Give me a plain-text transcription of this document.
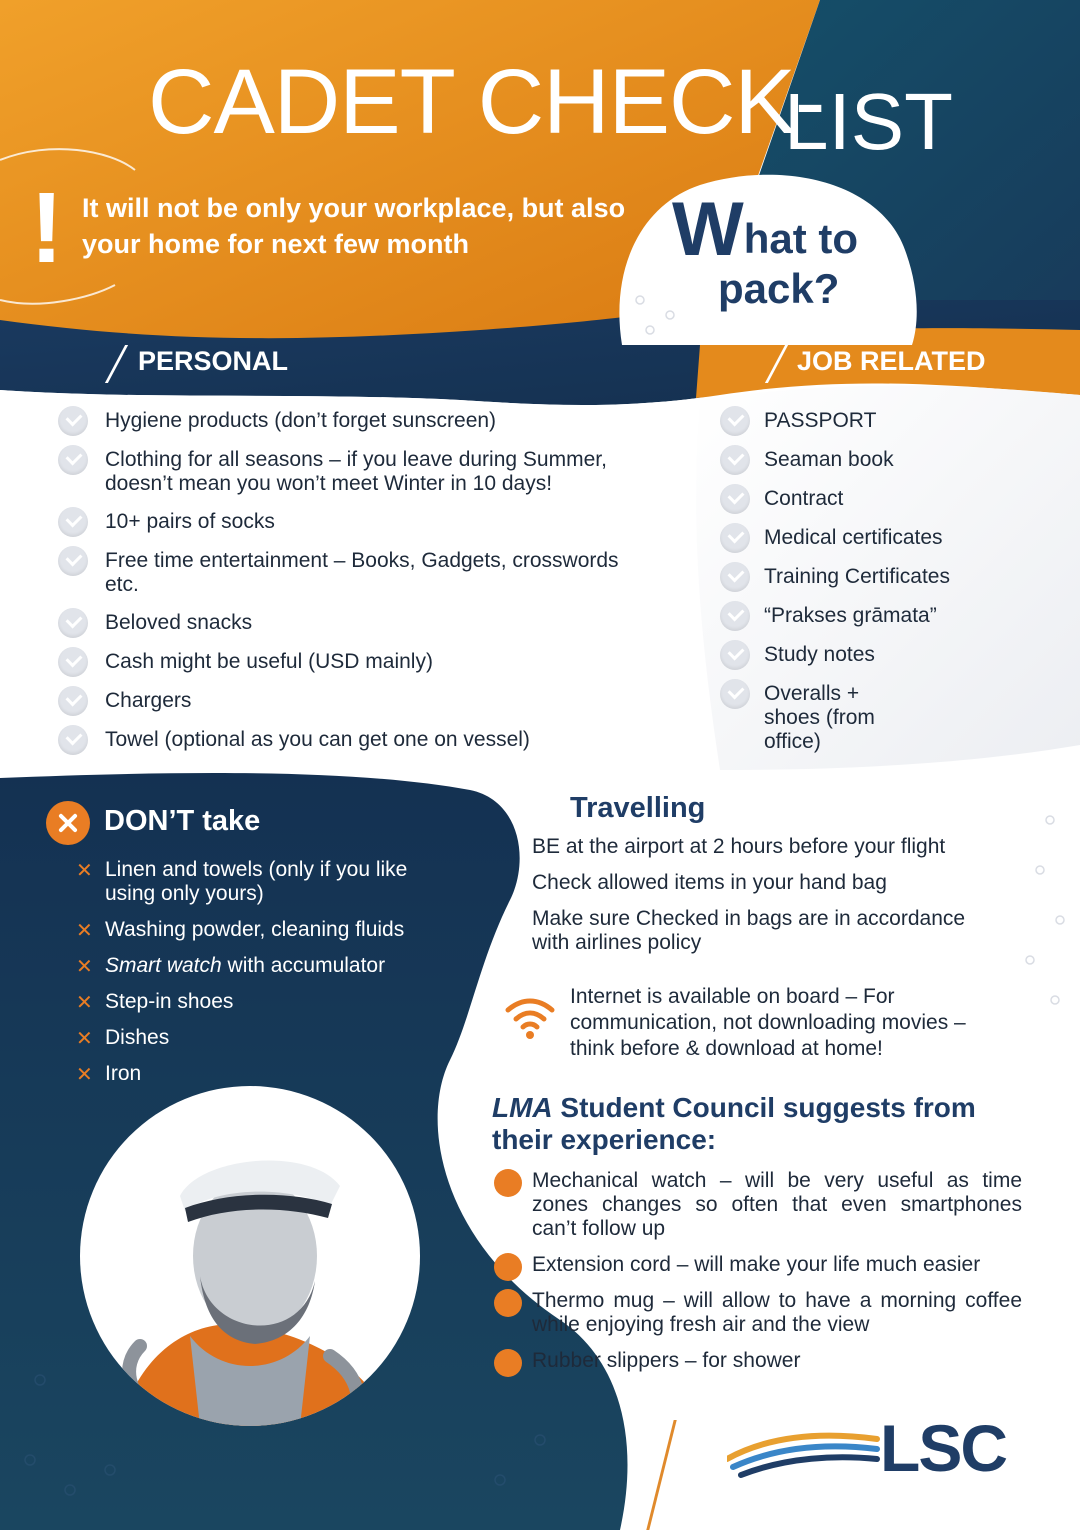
CADET CHECK-
LIST
! It will not be only your workplace, but also your home for next few month	What to
pack?
PERSONAL	JOB RELATED
Hygiene products (don’t forget sunscreen)
Clothing for all seasons – if you leave during Summer, doesn’t mean you won’t meet Winter in 10 days!
10+ pairs of socks
Free time entertainment – Books, Gadgets, crosswords etc.
Beloved snacks
Cash might be useful (USD mainly)
Chargers
Towel (optional as you can get one on vessel)
PASSPORT
Seaman book
Contract
Medical certificates
Training Certificates
“Prakses grāmata”
Study notes
Overalls + shoes (from office)
DON’T take
✕ Linen and towels (only if you like using only yours)
✕ Washing powder, cleaning fluids
✕ Smart watch with accumulator
✕ Step-in shoes
✕ Dishes
✕ Iron
Travelling
BE at the airport at 2 hours before your flight
Check allowed items in your hand bag
Make sure Checked in bags are in accordance with airlines policy
Internet is available on board – For communication, not downloading movies – think before & download at home!
LMA Student Council suggests from their experience:
Mechanical watch – will be very useful as time zones changes so often that even smartphones can’t follow up
Extension cord – will make your life much easier
Thermo mug – will allow to have a morning coffee while enjoying fresh air and the view
Rubber slippers – for shower
LSC
